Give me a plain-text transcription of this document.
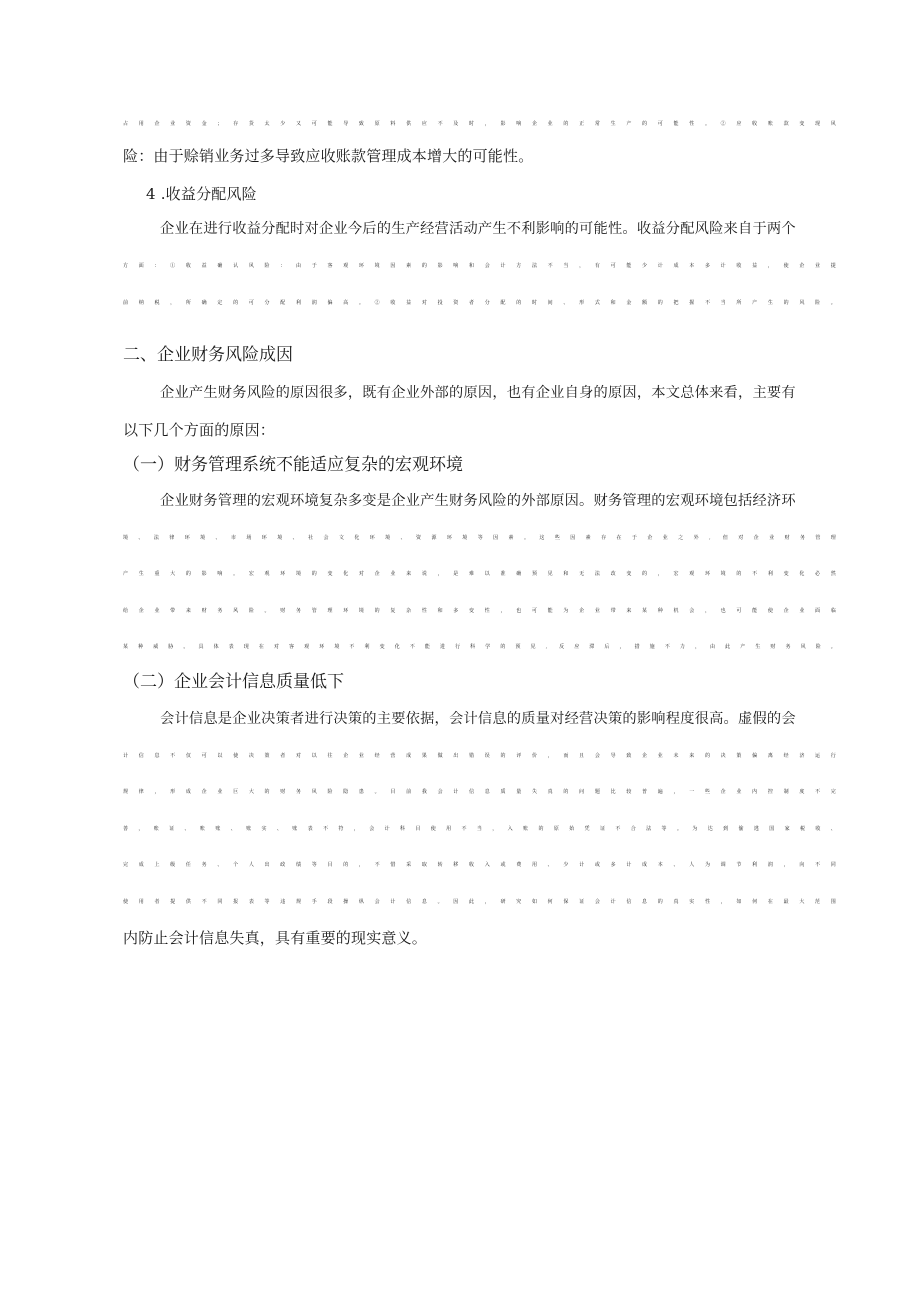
占用企业资金；存货太少又可能导致原料供应不及时，影响企业的正常生产的可能性。②应收账款变现风
险：由于赊销业务过多导致应收账款管理成本增大的可能性。
4 .收益分配风险
企业在进行收益分配时对企业今后的生产经营活动产生不利影响的可能性。收益分配风险来自于两个
方面：①收益确认风险：由于客观环境因素的影响和会计方法不当，有可能少计成本多计收益，使企业提
前纳税，所确定的可分配利润偏高。②收益对投资者分配的时间、形式和金额的把握不当所产生的风险。
二、企业财务风险成因
企业产生财务风险的原因很多，既有企业外部的原因，也有企业自身的原因，本文总体来看，主要有
以下几个方面的原因：
（一）财务管理系统不能适应复杂的宏观环境
企业财务管理的宏观环境复杂多变是企业产生财务风险的外部原因。财务管理的宏观环境包括经济环
境、法律环境、市场环境、社会文化环境、资源环境等因素。这些因素存在于企业之外, 但对企业财务管理
产生重大的影响。宏观环境的变化对企业来说，是难以准确预见和无法改变的，宏观环境的不利变化必然
给企业带来财务风险。财务管理环境的复杂性和多变性，也可能为企业带来某种机会，也可能使企业面临
某种威胁。具体表现在对客观环境不利变化不能进行科学的预见, 反应滞后，措施不力，由此产生财务风险。
（二）企业会计信息质量低下
会计信息是企业决策者进行决策的主要依据，会计信息的质量对经营决策的影响程度很高。虚假的会
计信息不仅可以使决策者对以往企业经营成果做出错误的评价，而且会导致企业未来的决策偏离经济运行
规律，形成企业巨大的财务风险隐患。目前我会计信息质量失真的问题比较普遍，一些企业内控制度不完
善，账证、账账、账实、账表不符，会计科目使用不当，入账的原始凭证不合法等。为达到偷逃国家税收、
完成上级任务、个人出政绩等目的，不惜采取转移收入或费用、少计或多计成本、人为调节利润，向不同
使用者提供不同报表等违规手段操纵会计信息。因此，研究如何保证会计信息的真实性，如何在最大范围
内防止会计信息失真，具有重要的现实意义。
